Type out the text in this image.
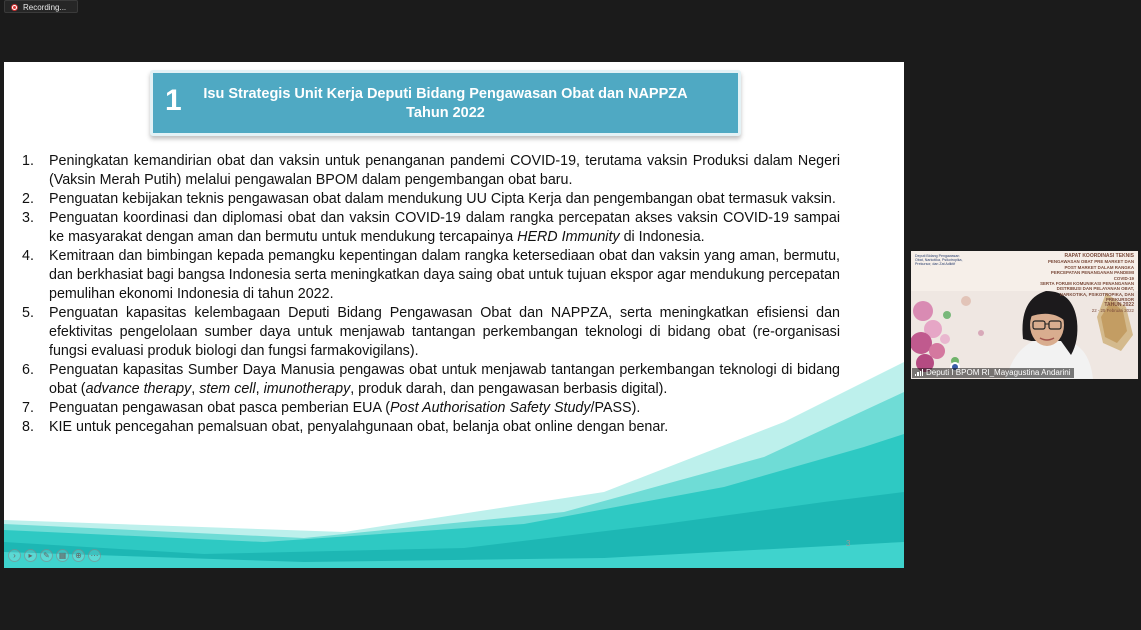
Recording...
1	Isu Strategis Unit Kerja Deputi Bidang Pengawasan Obat dan NAPPZA
Tahun 2022
1. Peningkatan kemandirian obat dan vaksin untuk penanganan pandemi COVID-19, terutama vaksin Produksi dalam Negeri (Vaksin Merah Putih) melalui pengawalan BPOM dalam pengembangan obat baru.
2. Penguatan kebijakan teknis pengawasan obat dalam mendukung UU Cipta Kerja dan pengembangan obat termasuk vaksin.
3. Penguatan koordinasi dan diplomasi obat dan vaksin COVID-19 dalam rangka percepatan akses vaksin COVID-19 sampai ke masyarakat dengan aman dan bermutu untuk mendukung tercapainya HERD Immunity di Indonesia.
4. Kemitraan dan bimbingan kepada pemangku kepentingan dalam rangka ketersediaan obat dan vaksin yang aman, bermutu, dan berkhasiat bagi bangsa Indonesia serta meningkatkan daya saing obat untuk tujuan ekspor agar mendukung percepatan pemulihan ekonomi Indonesia di tahun 2022.
5. Penguatan kapasitas kelembagaan Deputi Bidang Pengawasan Obat dan NAPPZA, serta meningkatkan efisiensi dan efektivitas pengelolaan sumber daya untuk menjawab tantangan perkembangan teknologi di bidang obat (re-organisasi fungsi evaluasi produk biologi dan fungsi farmakovigilans).
6. Penguatan kapasitas Sumber Daya Manusia pengawas obat untuk menjawab tantangan perkembangan teknologi di bidang obat (advance therapy, stem cell, imunotherapy, produk darah, dan pengawasan berbasis digital).
7. Penguatan pengawasan obat pasca pemberian EUA (Post Authorisation Safety Study/PASS).
8. KIE untuk pencegahan pemalsuan obat, penyalahgunaan obat, belanja obat online dengan benar.
3
›	▸	✎	▦	⊕	⋯
Deputi Bidang Pengawasan Obat, Narkotika, Psikotropika, Prekursor, dan Zat Adiktif
RAPAT KOORDINASI TEKNIS
PENGAWASAN OBAT PRE MARKET DAN POST MARKET DALAM RANGKA PERCEPATAN PENANGANAN PANDEMI COVID-19
SERTA FORUM KOMUNIKASI PENANGANAN DISTRIBUSI DAN PELAYANAN OBAT, NARKOTIKA, PSIKOTROPIKA, DAN PREKURSOR
TAHUN 2022
22 - 25 Februari 2022
Deputi I BPOM RI_Mayagustina Andarini
